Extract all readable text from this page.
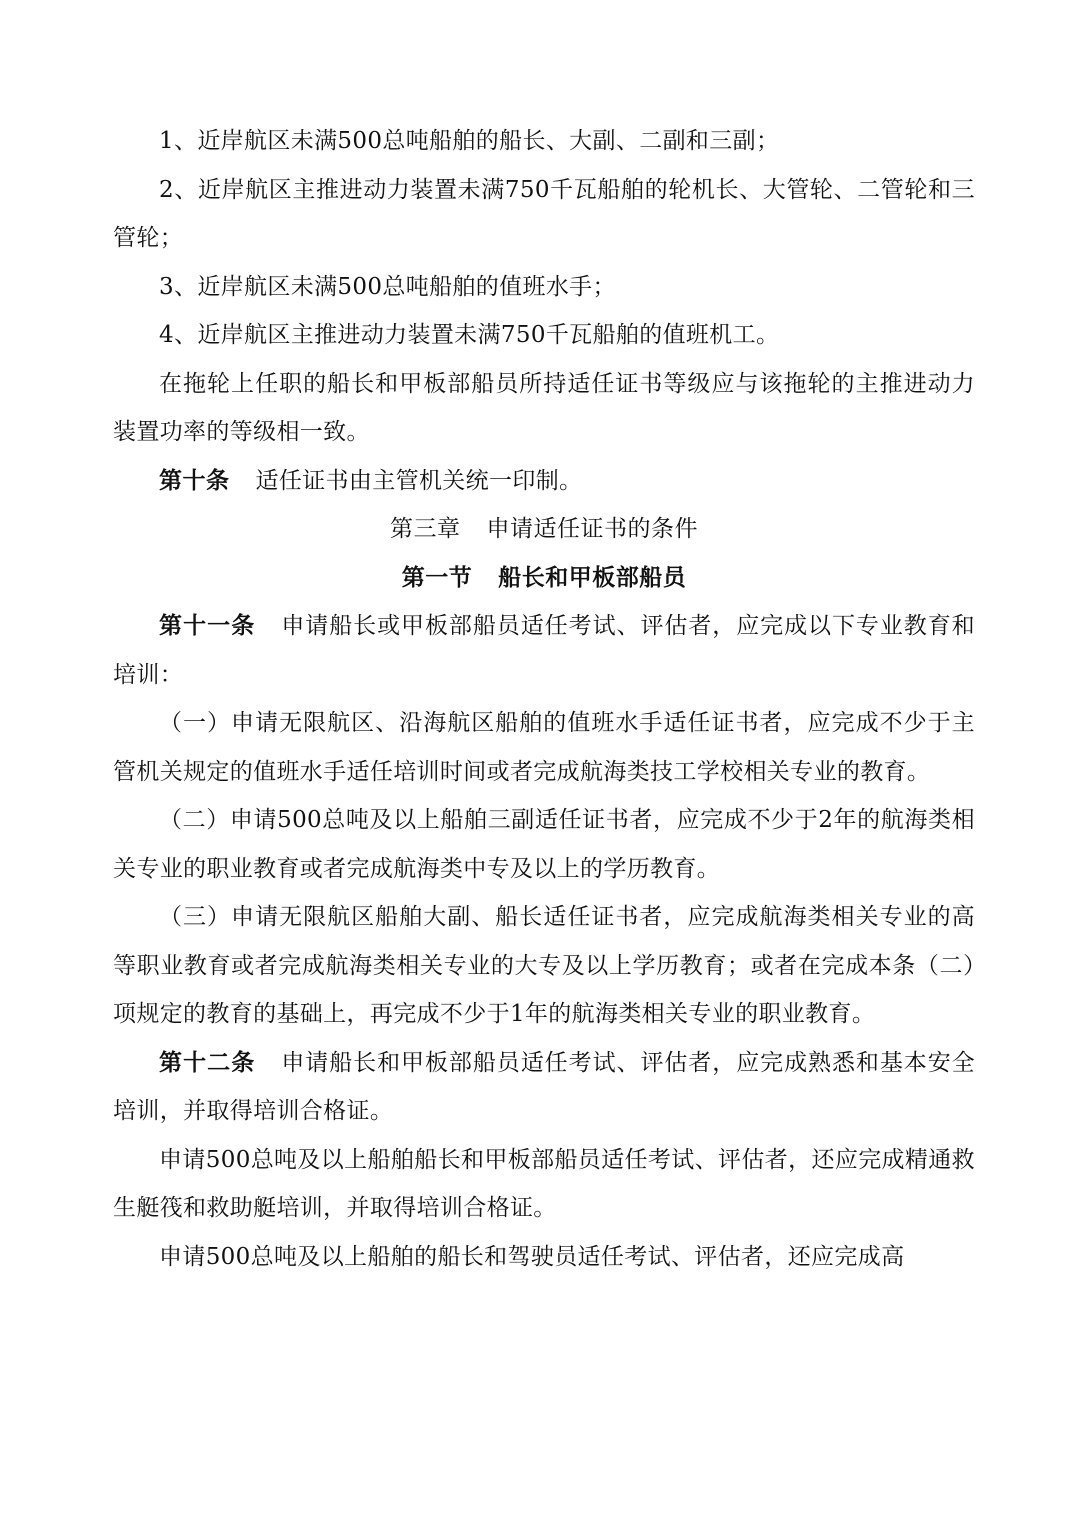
1、近岸航区未满500总吨船舶的船长、大副、二副和三副；

2、近岸航区主推进动力装置未满750千瓦船舶的轮机长、大管轮、二管轮和三管轮；

3、近岸航区未满500总吨船舶的值班水手；

4、近岸航区主推进动力装置未满750千瓦船舶的值班机工。

在拖轮上任职的船长和甲板部船员所持适任证书等级应与该拖轮的主推进动力装置功率的等级相一致。

第十条 适任证书由主管机关统一印制。

第三章 申请适任证书的条件
第一节 船长和甲板部船员

第十一条 申请船长或甲板部船员适任考试、评估者，应完成以下专业教育和培训：

（一）申请无限航区、沿海航区船舶的值班水手适任证书者，应完成不少于主管机关规定的值班水手适任培训时间或者完成航海类技工学校相关专业的教育。

（二）申请500总吨及以上船舶三副适任证书者，应完成不少于2年的航海类相关专业的职业教育或者完成航海类中专及以上的学历教育。

（三）申请无限航区船舶大副、船长适任证书者，应完成航海类相关专业的高等职业教育或者完成航海类相关专业的大专及以上学历教育；或者在完成本条（二）项规定的教育的基础上，再完成不少于1年的航海类相关专业的职业教育。

第十二条 申请船长和甲板部船员适任考试、评估者，应完成熟悉和基本安全培训，并取得培训合格证。

申请500总吨及以上船舶船长和甲板部船员适任考试、评估者，还应完成精通救生艇筏和救助艇培训，并取得培训合格证。

申请500总吨及以上船舶的船长和驾驶员适任考试、评估者，还应完成高
